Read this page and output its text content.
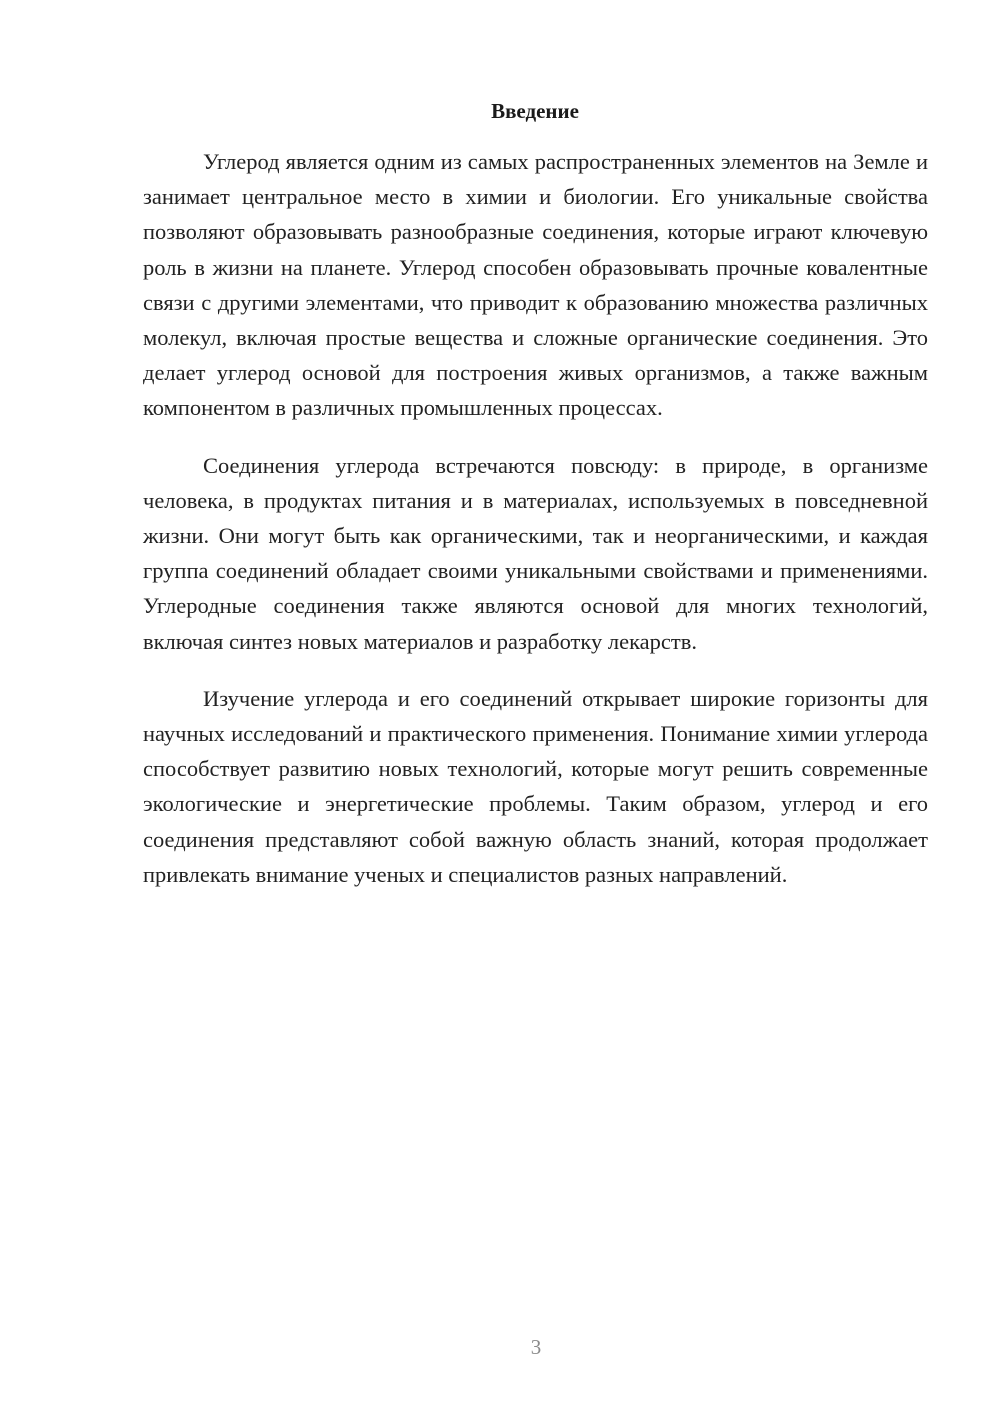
Введение

Углерод является одним из самых распространенных элементов на Земле и занимает центральное место в химии и биологии. Его уникальные свойства позволяют образовывать разнообразные соединения, которые играют ключевую роль в жизни на планете. Углерод способен образовывать прочные ковалентные связи с другими элементами, что приводит к образованию множества различных молекул, включая простые вещества и сложные органические соединения. Это делает углерод основой для построения живых организмов, а также важным компонентом в различных промышленных процессах.

Соединения углерода встречаются повсюду: в природе, в организме человека, в продуктах питания и в материалах, используемых в повседневной жизни. Они могут быть как органическими, так и неорганическими, и каждая группа соединений обладает своими уникальными свойствами и применениями. Углеродные соединения также являются основой для многих технологий, включая синтез новых материалов и разработку лекарств.

Изучение углерода и его соединений открывает широкие горизонты для научных исследований и практического применения. Понимание химии углерода способствует развитию новых технологий, которые могут решить современные экологические и энергетические проблемы. Таким образом, углерод и его соединения представляют собой важную область знаний, которая продолжает привлекать внимание ученых и специалистов разных направлений.

3
